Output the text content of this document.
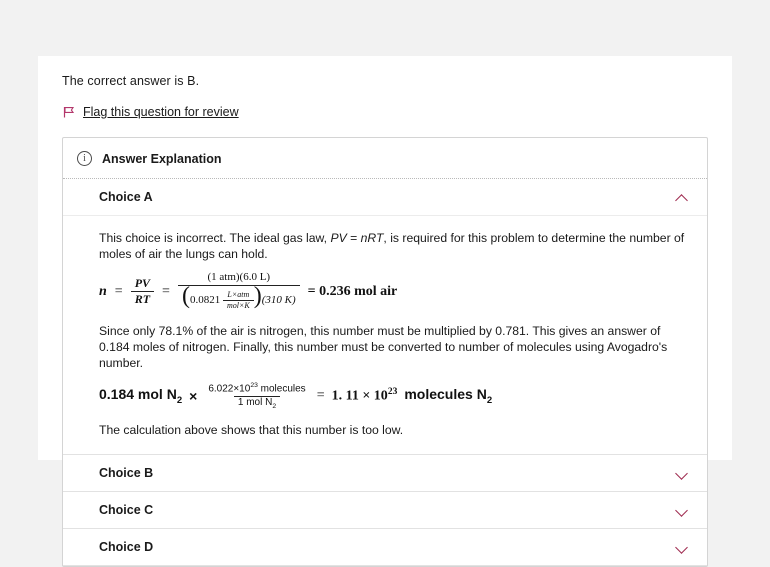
The correct answer is B.
Flag this question for review
i	Answer Explanation
Choice A
This choice is incorrect. The ideal gas law, PV = nRT, is required for this problem to determine the number of moles of air the lungs can hold.
$n = \frac{PV}{RT}$ =
(1 atm)(6.0 L)
$(0.0821 \frac{\text{L×atm}}{\text{mol×K}} )(310$ K)
= 0.236 mol air
Since only 78.1% of the air is nitrogen, this number must be multiplied by 0.781. This gives an answer of 0.184 moles of nitrogen. Finally, this number must be converted to number of molecules using Avogadro's number.
0.184 mol $N_2 \times \frac{6.022\times 10^{23} molecules}{1 mol N_2} = 1$. $11 \times 10^{23}$ molecules $N_2$
The calculation above shows that this number is too low.
Choice B
Choice C
Choice D
